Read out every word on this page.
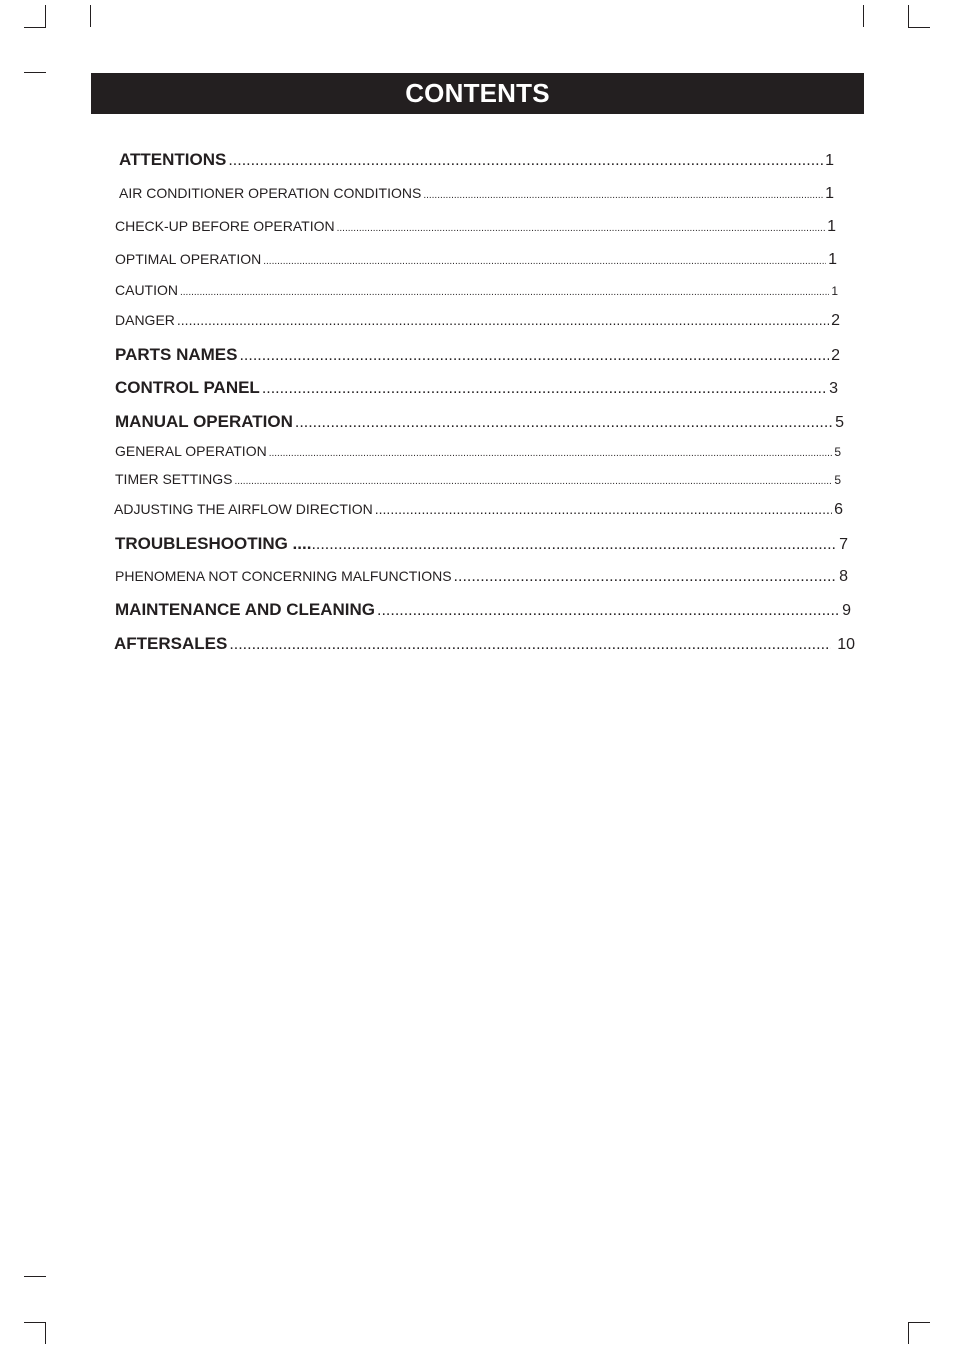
CONTENTS
ATTENTIONS .....	1
AIR CONDITIONER OPERATION CONDITIONS .....	1
CHECK-UP BEFORE OPERATION .....	1
OPTIMAL OPERATION .....	1
CAUTION .....	1
DANGER .....	2
PARTS NAMES .....	2
CONTROL PANEL .....	3
MANUAL OPERATION .....	5
GENERAL OPERATION .....	5
TIMER SETTINGS .....	5
ADJUSTING THE AIRFLOW DIRECTION .....	6
TROUBLESHOOTING .... .....	7
PHENOMENA NOT CONCERNING MALFUNCTIONS .....	8
MAINTENANCE AND CLEANING .....	9
AFTERSALES .....	10
